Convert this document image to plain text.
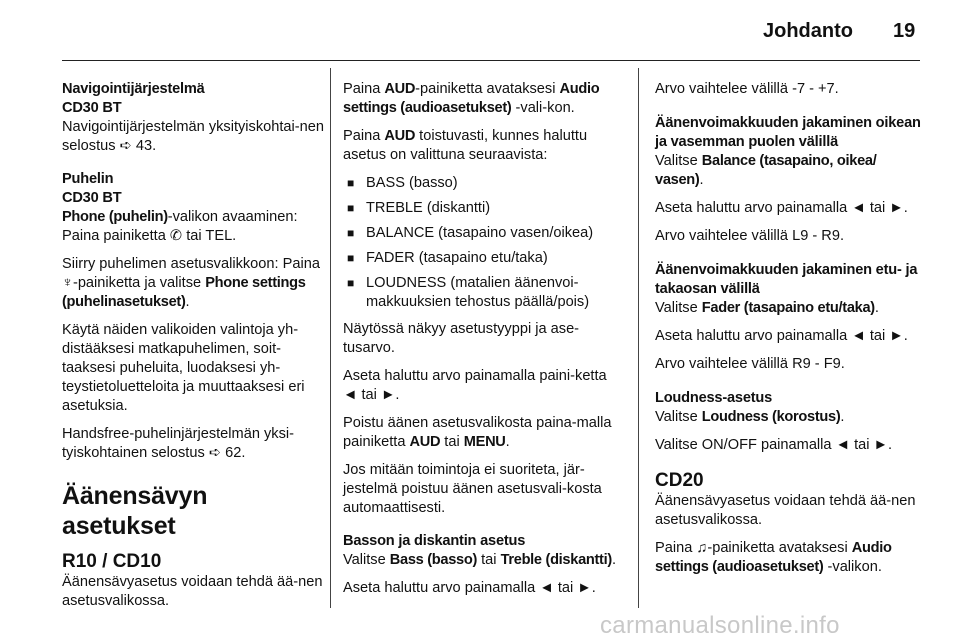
Johdanto 19
Navigointijärjestelmä
CD30 BT

Navigointijärjestelmän yksityiskohtai-nen selostus ➪ 43.

Puhelin
CD30 BT

Phone (puhelin)-valikon avaaminen: Paina painiketta ✆ tai TEL.

Siirry puhelimen asetusvalikkoon: Paina ♆-painiketta ja valitse Phone settings (puhelinasetukset).

Käytä näiden valikoiden valintoja yh-distääksesi matkapuhelimen, soit-taaksesi puheluita, luodaksesi yh-teystietoluetteloita ja muuttaaksesi eri asetuksia.

Handsfree-puhelinjärjestelmän yksi-tyiskohtainen selostus ➪ 62.

Äänensävyn asetukset
R10 / CD10

Äänensävyasetus voidaan tehdä ää-nen asetusvalikossa.

Paina AUD-painiketta avataksesi Audio settings (audioasetukset) -vali-kon.

Paina AUD toistuvasti, kunnes haluttu asetus on valittuna seuraavista:

■ BASS (basso)
■ TREBLE (diskantti)
■ BALANCE (tasapaino vasen/oikea)
■ FADER (tasapaino etu/taka)
■ LOUDNESS (matalien äänenvoi-makkuuksien tehostus päällä/pois)

Näytössä näkyy asetustyyppi ja ase-tusarvo.

Aseta haluttu arvo painamalla paini-ketta ◄ tai ►.

Poistu äänen asetusvalikosta paina-malla painiketta AUD tai MENU.

Jos mitään toimintoja ei suoriteta, jär-jestelmä poistuu äänen asetusvali-kosta automaattisesti.

Basson ja diskantin asetus

Valitse Bass (basso) tai Treble (diskantti).

Aseta haluttu arvo painamalla ◄ tai ►.

Arvo vaihtelee välillä -7 - +7.

Äänenvoimakkuuden jakaminen oikean ja vasemman puolen välillä

Valitse Balance (tasapaino, oikea/ vasen).

Aseta haluttu arvo painamalla ◄ tai ►.

Arvo vaihtelee välillä L9 - R9.

Äänenvoimakkuuden jakaminen etu- ja takaosan välillä

Valitse Fader (tasapaino etu/taka).

Aseta haluttu arvo painamalla ◄ tai ►.

Arvo vaihtelee välillä R9 - F9.

Loudness-asetus

Valitse Loudness (korostus).

Valitse ON/OFF painamalla ◄ tai ►.

CD20

Äänensävyasetus voidaan tehdä ää-nen asetusvalikossa.

Paina ♫-painiketta avataksesi Audio settings (audioasetukset) -valikon.

carmanualsonline.info
